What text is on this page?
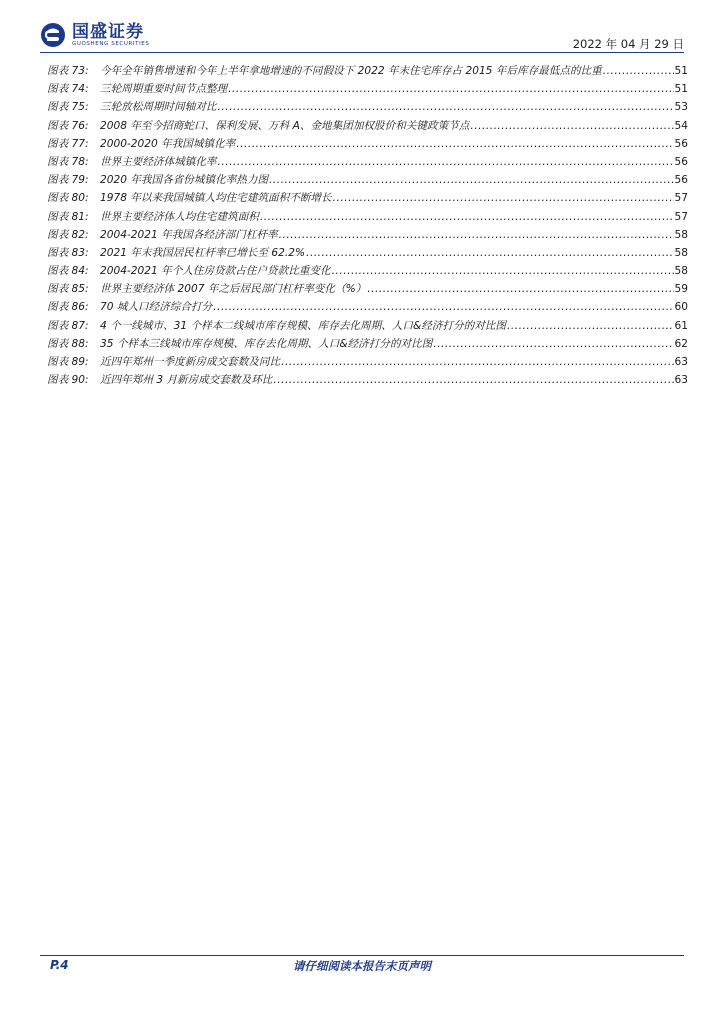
国盛证券
GUOSHENG SECURITIES	2022 年 04 月 29 日
图表 73:	今年全年销售增速和今年上半年拿地增速的不同假设下 2022 年末住宅库存占 2015 年后库存最低点的比重 .....	51
图表 74:	三轮周期重要时间节点整理 .....	51
图表 75:	三轮放松周期时间轴对比 .....	53
图表 76:	2008 年至今招商蛇口、保利发展、万科 A、金地集团加权股价和关键政策节点 .....	54
图表 77:	2000-2020 年我国城镇化率 .....	56
图表 78:	世界主要经济体城镇化率 .....	56
图表 79:	2020 年我国各省份城镇化率热力图 .....	56
图表 80:	1978 年以来我国城镇人均住宅建筑面积不断增长 .....	57
图表 81:	世界主要经济体人均住宅建筑面积 .....	57
图表 82:	2004-2021 年我国各经济部门杠杆率 .....	58
图表 83:	2021 年末我国居民杠杆率已增长至 62.2% .....	58
图表 84:	2004-2021 年个人住房贷款占住户贷款比重变化 .....	58
图表 85:	世界主要经济体 2007 年之后居民部门杠杆率变化（%） .....	59
图表 86:	70 城人口经济综合打分 .....	60
图表 87:	4 个一线城市、31 个样本二线城市库存规模、库存去化周期、人口&经济打分的对比图 .....	61
图表 88:	35 个样本三线城市库存规模、库存去化周期、人口&经济打分的对比图 .....	62
图表 89:	近四年郑州一季度新房成交套数及同比 .....	63
图表 90:	近四年郑州 3 月新房成交套数及环比 .....	63
P.4	请仔细阅读本报告末页声明
